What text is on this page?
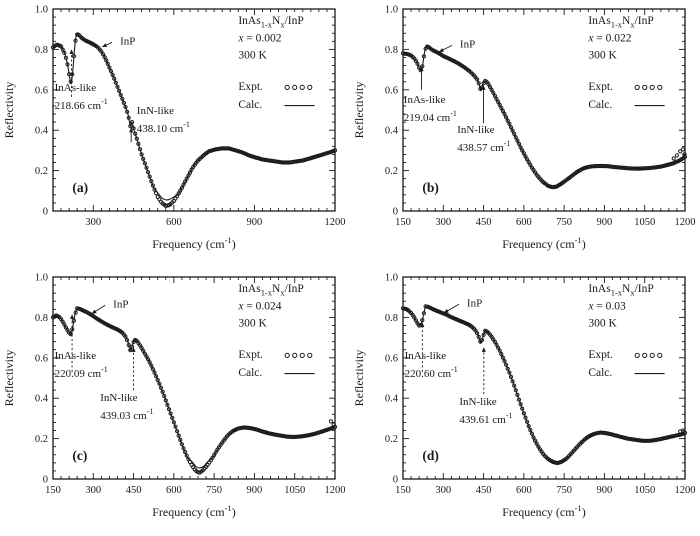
300	600	900	1200
0
0.2
0.4
0.6
0.8
1.0
Frequency $(cm^{-1})$
Reflectivity	InAs-like
218.66 $cm^{-1}$
InN-like
438.10 $cm^{-1}$
InP
$InAs_{1-x}N_x$/InP
x = 0.002
300 K
Expt.
Calc.
(a)
150 300 450 600 750 900 1050 1200
0
0.2
0.4
0.6
0.8
1.0
Frequency $(cm^{-1})$
Reflectivity	InAs-like
219.04 $cm^{-1}$
InN-like
438.57 $cm^{-1}$
InP
$InAs_{1-x}N_x$/InP
x = 0.022
300 K
Expt.
Calc.
(b)
150 300 450 600 750 900 1050 1200
0
0.2
0.4
0.6
0.8
1.0
Frequency $(cm^{-1})$
Reflectivity	InAs-like
220.09 $cm^{-1}$
InN-like
439.03 $cm^{-1}$
InP
$InAs_{1-x}N_x$/InP
x = 0.024
300 K
Expt.
Calc.
(c)
150 300 450 600 750 900 1050 1200
0
0.2
0.4
0.6
0.8
1.0
Frequency $(cm^{-1})$
Reflectivity	InAs-like
220.60 $cm^{-1}$
InN-like
439.61 $cm^{-1}$
InP
$InAs_{1-x}N_x$/InP
x = 0.03
300 K
Expt.
Calc.
(d)
